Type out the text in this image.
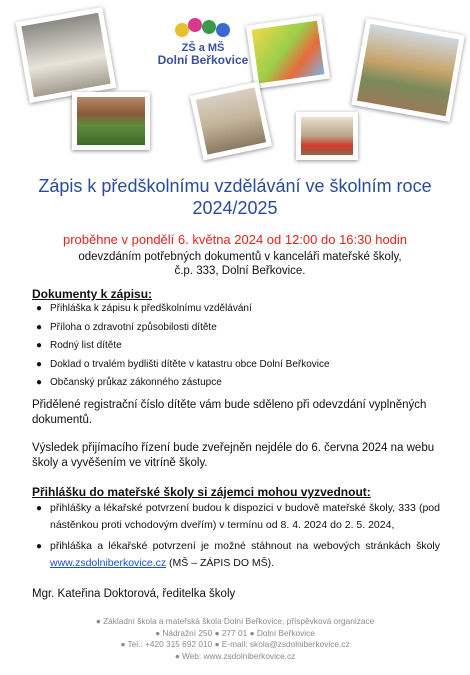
ZŠ a MŠ
Dolní Beřkovice
Zápis k předškolnímu vzdělávání ve školním roce 2024/2025
proběhne v pondělí 6. května 2024 od 12:00 do 16:30 hodin
odevzdáním potřebných dokumentů v kanceláři mateřské školy, č.p. 333, Dolní Beřkovice.
Dokumenty k zápisu:
● Přihláška k zápisu k předškolnímu vzdělávání
● Příloha o zdravotní způsobilosti dítěte
● Rodný list dítěte
● Doklad o trvalém bydlišti dítěte v katastru obce Dolní Beřkovice
● Občanský průkaz zákonného zástupce
Přidělené registrační číslo dítěte vám bude sděleno při odevzdání vyplněných dokumentů.
Výsledek přijímacího řízení bude zveřejněn nejdéle do 6. června 2024 na webu školy a vyvěšením ve vitríně školy.
Přihlášku do mateřské školy si zájemci mohou vyzvednout:
● přihlášky a lékařské potvrzení budou k dispozici v budově mateřské školy, 333 (pod nástěnkou proti vchodovým dveřím) v termínu od 8. 4. 2024 do 2. 5. 2024,
● přihláška a lékařské potvrzení je možné stáhnout na webových stránkách školy www.zsdolniberkovice.cz (MŠ – ZÁPIS DO MŠ).
Mgr. Kateřina Doktorová, ředitelka školy
● Základní škola a mateřská škola Dolní Beřkovice, příspěvková organizace
● Nádražní 250 ● 277 01 ● Dolní Beřkovice
● Tel.: +420 315 692 010 ● E-mail: skola@zsdolniberkovice.cz
● Web: www.zsdolniberkovice.cz
